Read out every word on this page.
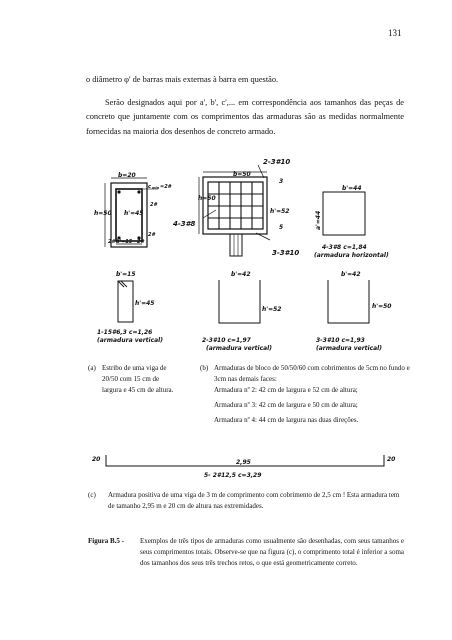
131
o diâmetro φ' de barras mais externas à barra em questão.
Serão designados aqui por a', b', c',... em correspondência aos tamanhos das peças de concreto que juntamente com os comprimentos das armaduras são as medidas normalmente fornecidas na maioria dos desenhos de concreto armado.
b=20
h=50 h'=45
c min =2#
2#
2#
2# b'=15 2#
b=50
h=50
h'=52
2-3#10
3
5
4-3#8
3-3#10
b'=44
a'=44
4-3#8 c=1,84
(armadura horizontal)
b'=15
h'=45
1-15#6,3 c=1,26
(armadura vertical)
b'=42
h'=52
2-3#10 c=1,97
(armadura vertical)
b'=42
h'=50
3-3#10 c=1,93
(armadura vertical)
20	20
2,95
5- 2#12,5 c=3,29
(a) Estribo de uma viga de 20/50 com 15 cm de largura e 45 cm de altura.
(b) Armaduras de bloco de 50/50/60 com cobrimentos de 5cm no fundo e 3cm nas demais faces:
Armadura nº 2: 42 cm de largura e 52 cm de altura;
Armadura nº 3: 42 cm de largura e 50 cm de altura;
Armadura nº 4: 44 cm de largura nas duas direções.
(c) Armadura positiva de uma viga de 3 m de comprimento com cobrimento de 2,5 cm ! Esta armadura tem de tamanho 2,95 m e 20 cm de altura nas extremidades.
Figura B.5 - Exemplos de três tipos de armaduras como usualmente são desenhadas, com seus tamanhos e seus comprimentos totais. Observe-se que na figura (c), o comprimento total é inferior a soma dos tamanhos dos seus três trechos retos, o que está geometricamente correto.
